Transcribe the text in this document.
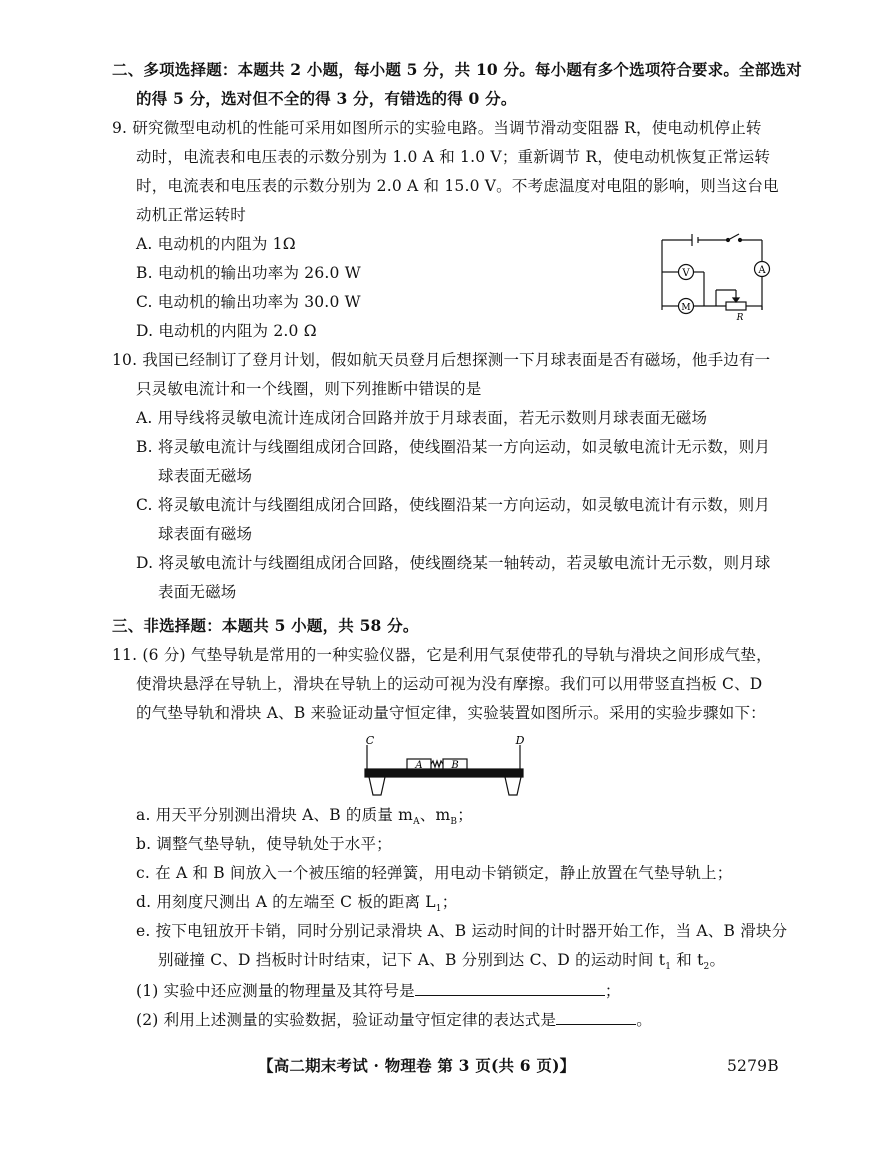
二、多项选择题：本题共 2 小题，每小题 5 分，共 10 分。每小题有多个选项符合要求。全部选对
的得 5 分，选对但不全的得 3 分，有错选的得 0 分。
9. 研究微型电动机的性能可采用如图所示的实验电路。当调节滑动变阻器 R，使电动机停止转
动时，电流表和电压表的示数分别为 1.0 A 和 1.0 V；重新调节 R，使电动机恢复正常运转
时，电流表和电压表的示数分别为 2.0 A 和 15.0 V。不考虑温度对电阻的影响，则当这台电
动机正常运转时
A. 电动机的内阻为 1Ω
B. 电动机的输出功率为 26.0 W
C. 电动机的输出功率为 30.0 W
D. 电动机的内阻为 2.0 Ω
V
M
A
R
10. 我国已经制订了登月计划，假如航天员登月后想探测一下月球表面是否有磁场，他手边有一
只灵敏电流计和一个线圈，则下列推断中错误的是
A. 用导线将灵敏电流计连成闭合回路并放于月球表面，若无示数则月球表面无磁场
B. 将灵敏电流计与线圈组成闭合回路，使线圈沿某一方向运动，如灵敏电流计无示数，则月
球表面无磁场
C. 将灵敏电流计与线圈组成闭合回路，使线圈沿某一方向运动，如灵敏电流计有示数，则月
球表面有磁场
D. 将灵敏电流计与线圈组成闭合回路，使线圈绕某一轴转动，若灵敏电流计无示数，则月球
表面无磁场
三、非选择题：本题共 5 小题，共 58 分。
11. (6 分) 气垫导轨是常用的一种实验仪器，它是利用气泵使带孔的导轨与滑块之间形成气垫，
使滑块悬浮在导轨上，滑块在导轨上的运动可视为没有摩擦。我们可以用带竖直挡板 C、D
的气垫导轨和滑块 A、B 来验证动量守恒定律，实验装置如图所示。采用的实验步骤如下：
C	D
A	B
a. 用天平分别测出滑块 A、B 的质量 $m_A$、$m_B$；
b. 调整气垫导轨，使导轨处于水平；
c. 在 A 和 B 间放入一个被压缩的轻弹簧，用电动卡销锁定，静止放置在气垫导轨上；
d. 用刻度尺测出 A 的左端至 C 板的距离 $L_1$；
e. 按下电钮放开卡销，同时分别记录滑块 A、B 运动时间的计时器开始工作，当 A、B 滑块分
别碰撞 C、D 挡板时计时结束，记下 A、B 分别到达 C、D 的运动时间 $t_1$ 和 $t_2$。
(1) 实验中还应测量的物理量及其符号是	；
(2) 利用上述测量的实验数据，验证动量守恒定律的表达式是	。
【高二期末考试 · 物理卷 第 3 页(共 6 页)】	5279B
